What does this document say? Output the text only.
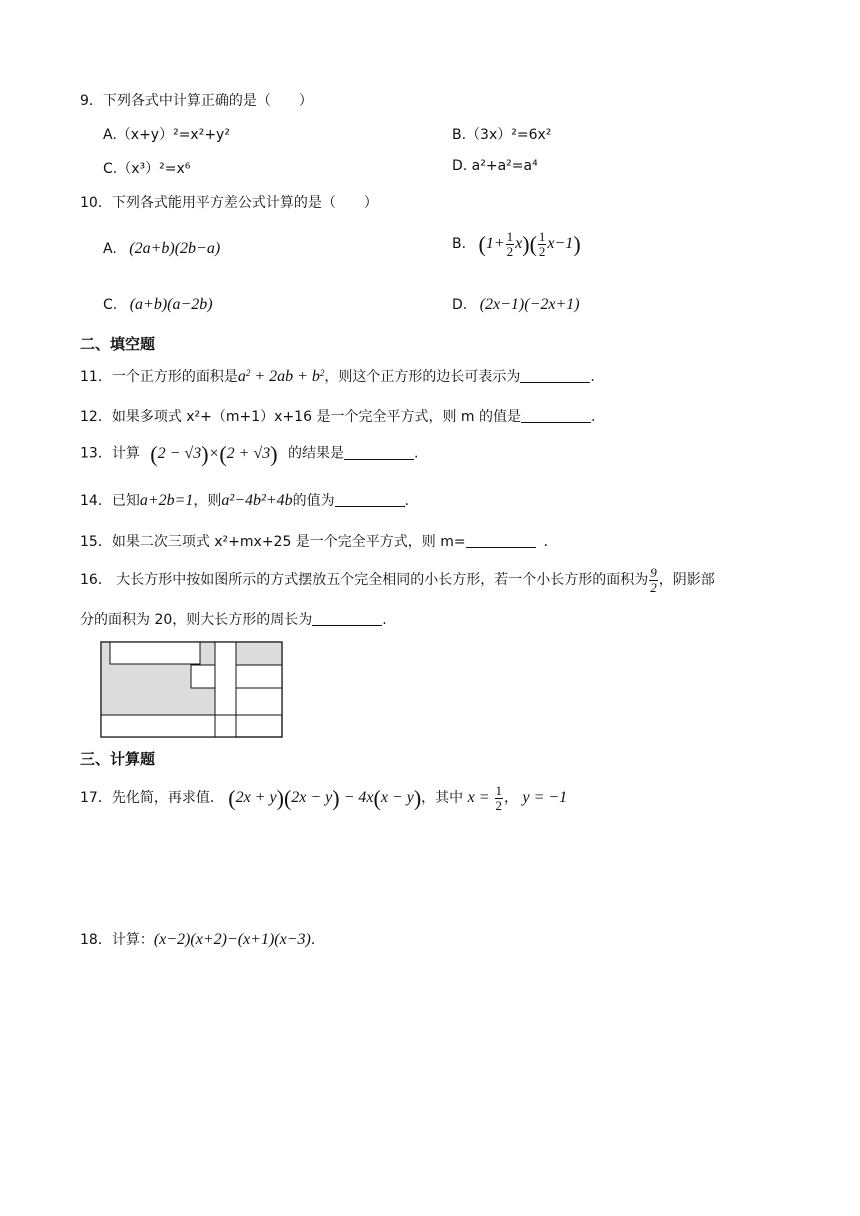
9．下列各式中计算正确的是（　　）
A.（x+y）²=x²+y²	B.（3x）²=6x²
C.（x³）²=x⁶	D. a²+a²=a⁴
10．下列各式能用平方差公式计算的是（　　）
A. (2a+b)(2b−a)	B. $(1+ \frac{1}{2} x)( \frac{1}{2} x-1)$
C. (a+b)(a−2b)	D. (2x−1)(−2x+1)
二、填空题
11．一个正方形的面积是$a^2 + 2ab + b^2$，则这个正方形的边长可表示为	.
12．如果多项式 x²+（m+1）x+16 是一个完全平方式，则 m 的值是	.
13．计算 (2 − √3)×(2 + √3) 的结果是	.
14．已知a+2b=1，则a²−4b²+4b的值为	.
15．如果二次三项式 x²+mx+25 是一个完全平方式，则 m=	．
16． 大长方形中按如图所示的方式摆放五个完全相同的小长方形，若一个小长方形的面积为 $\frac{9}{2}$ ，阴影部
分的面积为 20，则大长方形的周长为	.
三、计算题
17．先化简，再求值． (2x + y)(2x − y) − 4x(x − y)，其中 $x = \frac{1}{2}$ ， y = −1
18．计算：(x−2)(x+2)−(x+1)(x−3)．
